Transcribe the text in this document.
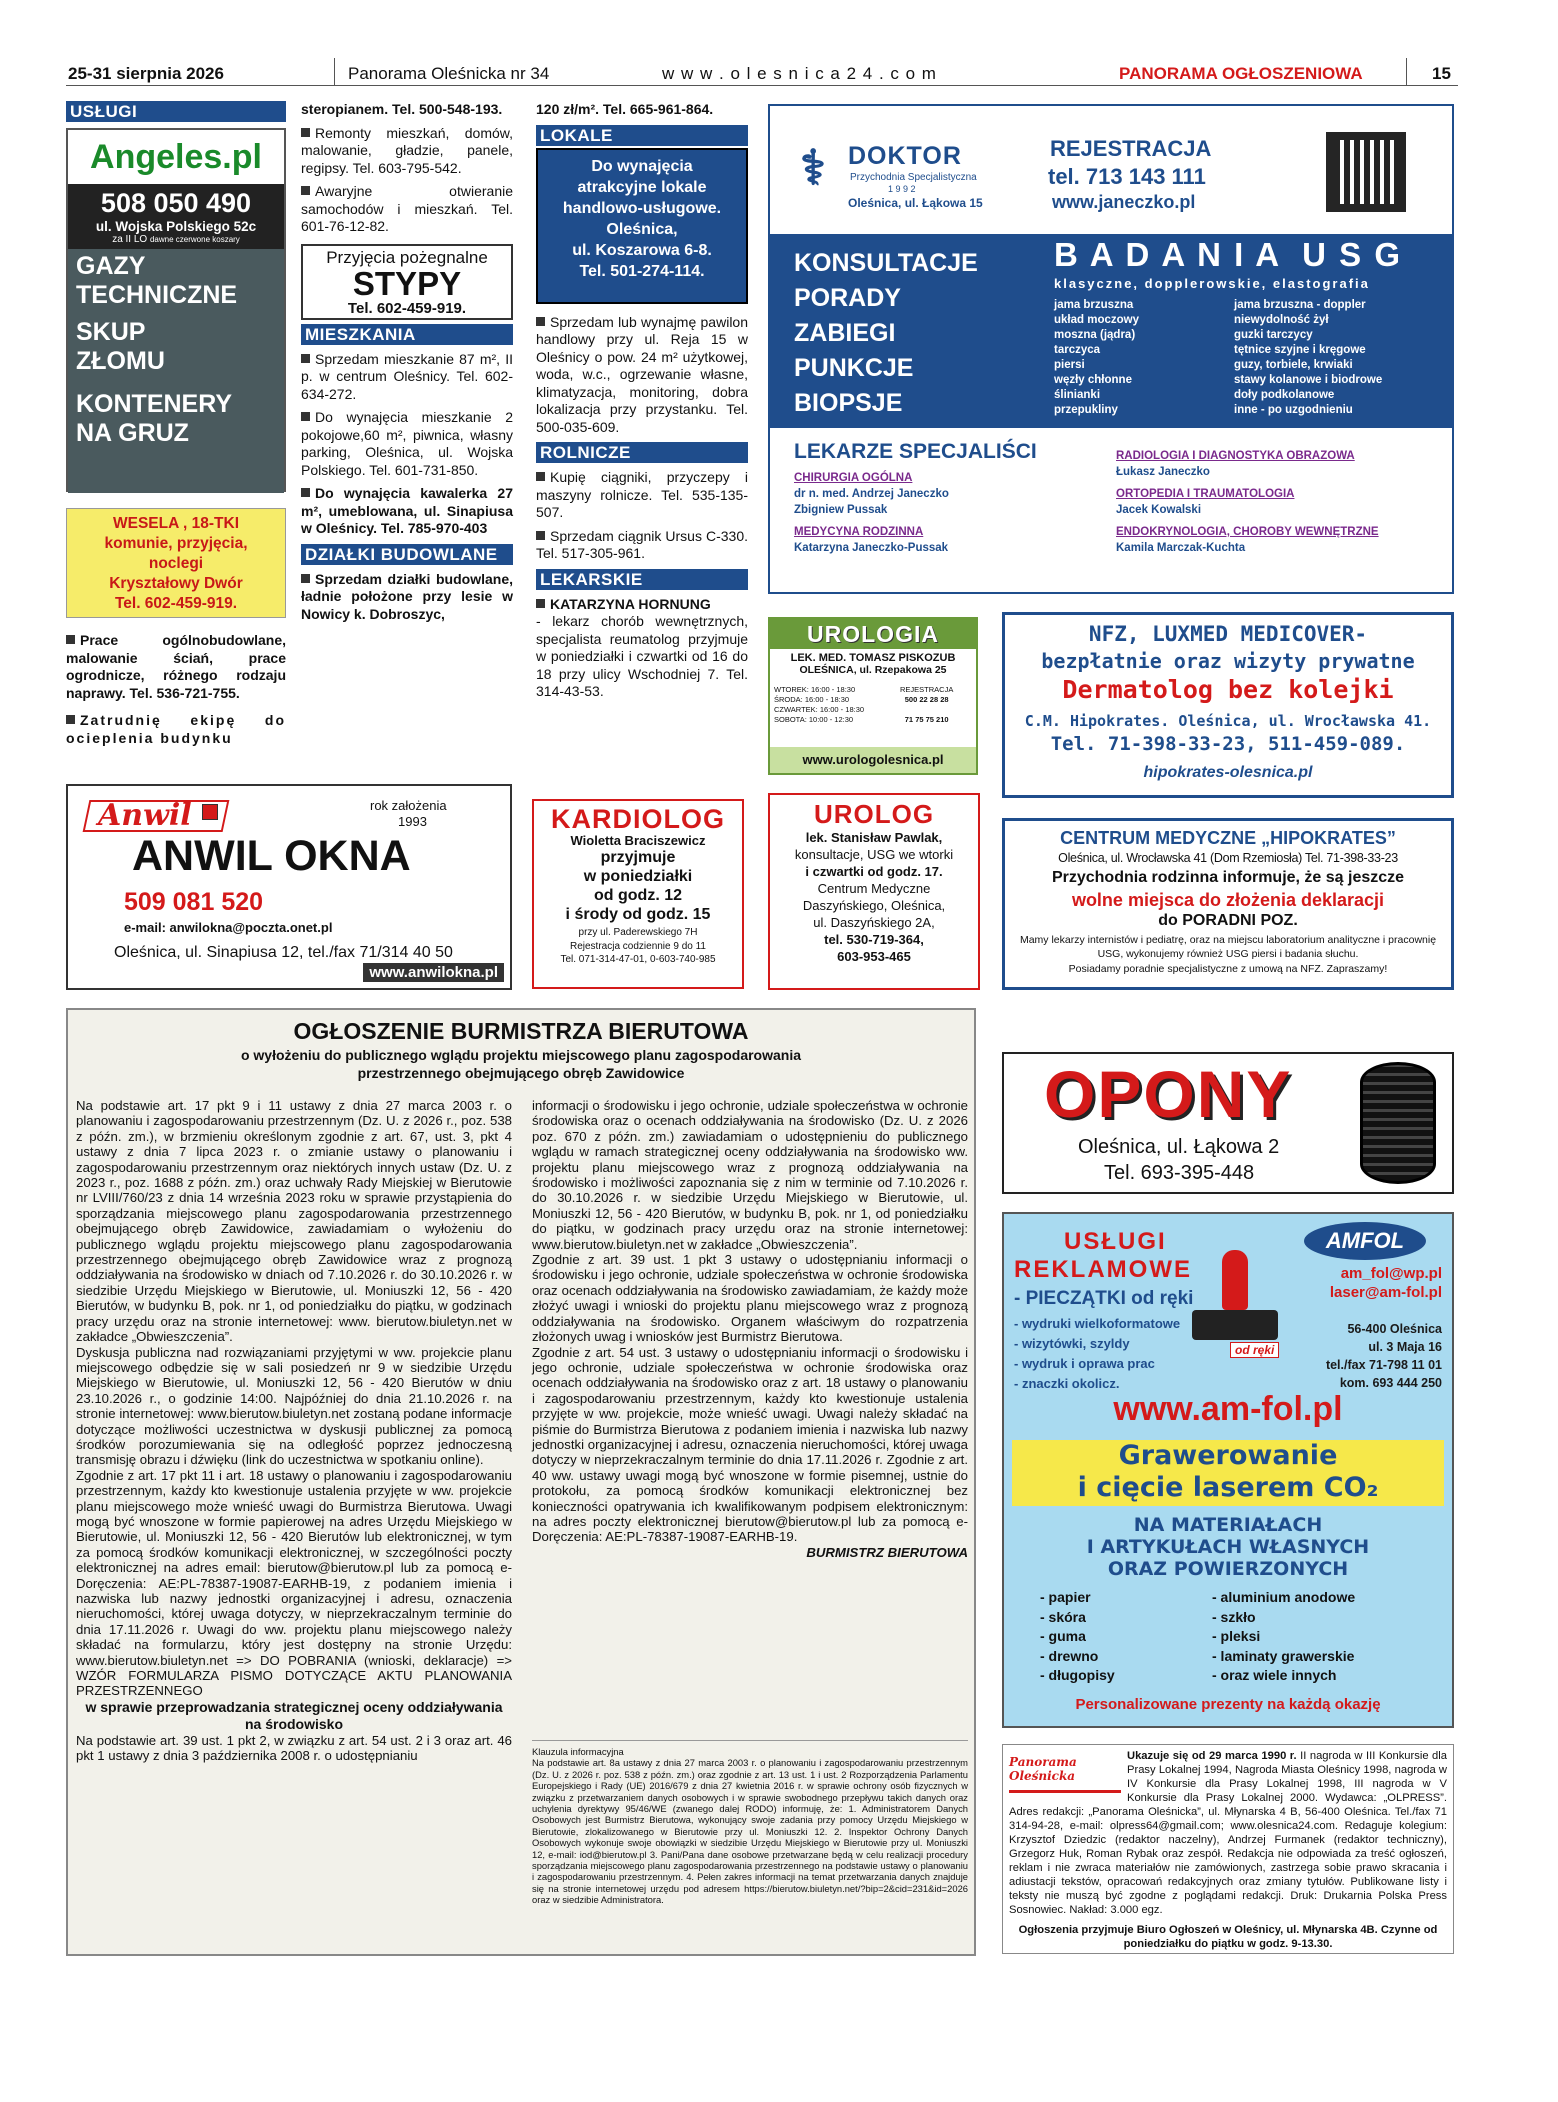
25-31 sierpnia 2026	Panorama Oleśnicka nr 34	w w w . o l e s n i c a 2 4 . c o m	PANORAMA OGŁOSZENIOWA	15
USŁUGI
Angeles.pl
508 050 490
ul. Wojska Polskiego 52c
za II LO dawne czerwone koszary
GAZY
TECHNICZNE
SKUP
ZŁOMU
KONTENERY
NA GRUZ
WESELA , 18-TKI
komunie, przyjęcia,
noclegi
Kryształowy Dwór
Tel. 602-459-919.
Prace ogólnobudowlane, malowanie ściań, prace ogrodnicze, różnego rodzaju naprawy. Tel. 536-721-755.
Zatrudnię ekipę do ocieplenia budynku
steropianem. Tel. 500-548-193.
Remonty mieszkań, domów, malowanie, gładzie, panele, regipsy. Tel. 603-795-542.
Awaryjne otwieranie samochodów i mieszkań. Tel. 601-76-12-82.
Przyjęcia pożegnalne
STYPY
Tel. 602-459-919.
MIESZKANIA
Sprzedam mieszkanie 87 m², II p. w centrum Oleśnicy. Tel. 602-634-272.
Do wynajęcia mieszkanie 2 pokojowe,60 m², piwnica, własny parking, Oleśnica, ul. Wojska Polskiego. Tel. 601-731-850.
Do wynajęcia kawalerka 27 m², umeblowana, ul. Sinapiusa w Oleśnicy. Tel. 785-970-403
DZIAŁKI BUDOWLANE
Sprzedam działki budowlane, ładnie położone przy lesie w Nowicy k. Dobroszyc,
120 zł/m². Tel. 665-961-864.
LOKALE
Do wynajęcia
atrakcyjne lokale
handlowo-usługowe.
Oleśnica,
ul. Koszarowa 6-8.
Tel. 501-274-114.
Sprzedam lub wynajmę pawilon handlowy przy ul. Reja 15 w Oleśnicy o pow. 24 m² użytkowej, woda, w.c., ogrzewanie własne, klimatyzacja, monitoring, dobra lokalizacja przy przystanku. Tel. 500-035-609.
ROLNICZE
Kupię ciągniki, przyczepy i maszyny rolnicze. Tel. 535-135-507.
Sprzedam ciągnik Ursus C-330. Tel. 517-305-961.
LEKARSKIE
KATARZYNA HORNUNG
- lekarz chorób wewnętrznych, specjalista reumatolog przyjmuje w poniedziałki i czwartki od 16 do 18 przy ulicy Wschodniej 7. Tel. 314-43-53.
⚕ DOKTOR
Przychodnia Specjalistyczna
1 9 9 2
Oleśnica, ul. Łąkowa 15
REJESTRACJA
tel. 713 143 111
www.janeczko.pl
KONSULTACJE
PORADY
ZABIEGI
PUNKCJE
BIOPSJE
B A D A N I A  U S G
klasyczne, dopplerowskie, elastografia
jama brzuszna
układ moczowy
moszna (jądra)
tarczyca
piersi
węzły chłonne
ślinianki
przepukliny
jama brzuszna - doppler
niewydolność żył
guzki tarczycy
tętnice szyjne i kręgowe
guzy, torbiele, krwiaki
stawy kolanowe i biodrowe
doły podkolanowe
inne - po uzgodnieniu
LEKARZE SPECJALIŚCI
CHIRURGIA OGÓLNA
dr n. med. Andrzej Janeczko
Zbigniew Pussak
MEDYCYNA RODZINNA
Katarzyna Janeczko-Pussak
RADIOLOGIA I DIAGNOSTYKA OBRAZOWA
Łukasz Janeczko
ORTOPEDIA I TRAUMATOLOGIA
Jacek Kowalski
ENDOKRYNOLOGIA, CHOROBY WEWNĘTRZNE
Kamila Marczak-Kuchta
UROLOGIA
LEK. MED. TOMASZ PISKOZUB
OLEŚNICA, ul. Rzepakowa 25
WTOREK: 16:00 - 18:30
ŚRODA: 16:00 - 18:30
CZWARTEK: 16:00 - 18:30
SOBOTA: 10:00 - 12:30
REJESTRACJA
500 22 28 28
71 75 75 210
www.urologolesnica.pl
NFZ, LUXMED MEDICOVER-
bezpłatnie oraz wizyty prywatne
Dermatolog bez kolejki
C.M. Hipokrates. Oleśnica, ul. Wrocławska 41.
Tel. 71-398-33-23, 511-459-089.
hipokrates-olesnica.pl
Anwil	rok założenia
1993
ANWIL OKNA
509 081 520
e-mail: anwilokna@poczta.onet.pl
Oleśnica, ul. Sinapiusa 12, tel./fax 71/314 40 50
www.anwilokna.pl
KARDIOLOG
Wioletta Braciszewicz
przyjmuje
w poniedziałki
od godz. 12
i środy od godz. 15
przy ul. Paderewskiego 7H
Rejestracja codziennie 9 do 11
Tel. 071-314-47-01, 0-603-740-985
UROLOG
lek. Stanisław Pawlak,
konsultacje, USG we wtorki
i czwartki od godz. 17.
Centrum Medyczne
Daszyńskiego, Oleśnica,
ul. Daszyńskiego 2A,
tel. 530-719-364,
603-953-465
CENTRUM MEDYCZNE „HIPOKRATES”
Oleśnica, ul. Wrocławska 41 (Dom Rzemiosła) Tel. 71-398-33-23
Przychodnia rodzinna informuje, że są jeszcze
wolne miejsca do złożenia deklaracji
do PORADNI POZ.
Mamy lekarzy internistów i pediatrę, oraz na miejscu laboratorium analityczne i pracownię USG, wykonujemy również USG piersi i badania słuchu.
Posiadamy poradnie specjalistyczne z umową na NFZ. Zapraszamy!
OGŁOSZENIE BURMISTRZA BIERUTOWA
o wyłożeniu do publicznego wglądu projektu miejscowego planu zagospodarowania przestrzennego obejmującego obręb Zawidowice

Na podstawie art. 17 pkt 9 i 11 ustawy z dnia 27 marca 2003 r. o planowaniu i zagospodarowaniu przestrzennym (Dz. U. z 2026 r., poz. 538 z późn. zm.), w brzmieniu określonym zgodnie z art. 67, ust. 3, pkt 4 ustawy z dnia 7 lipca 2023 r. o zmianie ustawy o planowaniu i zagospodarowaniu przestrzennym oraz niektórych innych ustaw (Dz. U. z 2023 r., poz. 1688 z późn. zm.) oraz uchwały Rady Miejskiej w Bierutowie nr LVIII/760/23 z dnia 14 września 2023 roku w sprawie przystąpienia do sporządzania miejscowego planu zagospodarowania przestrzennego obejmującego obręb Zawidowice, zawiadamiam o wyłożeniu do publicznego wglądu projektu miejscowego planu zagospodarowania przestrzennego obejmującego obręb Zawidowice wraz z prognozą oddziaływania na środowisko w dniach od 7.10.2026 r. do 30.10.2026 r. w siedzibie Urzędu Miejskiego w Bierutowie, ul. Moniuszki 12, 56 - 420 Bierutów, w budynku B, pok. nr 1, od poniedziałku do piątku, w godzinach pracy urzędu oraz na stronie internetowej: www. bierutow.biuletyn.net w zakładce „Obwieszczenia”.

Dyskusja publiczna nad rozwiązaniami przyjętymi w ww. projekcie planu miejscowego odbędzie się w sali posiedzeń nr 9 w siedzibie Urzędu Miejskiego w Bierutowie, ul. Moniuszki 12, 56 - 420 Bierutów w dniu 23.10.2026 r., o godzinie 14:00. Najpóźniej do dnia 21.10.2026 r. na stronie internetowej: www.bierutow.biuletyn.net zostaną podane informacje dotyczące możliwości uczestnictwa w dyskusji publicznej za pomocą środków porozumiewania się na odległość poprzez jednoczesną transmisję obrazu i dźwięku (link do uczestnictwa w spotkaniu online).

Zgodnie z art. 17 pkt 11 i art. 18 ustawy o planowaniu i zagospodarowaniu przestrzennym, każdy kto kwestionuje ustalenia przyjęte w ww. projekcie planu miejscowego może wnieść uwagi do Burmistrza Bierutowa. Uwagi mogą być wnoszone w formie papierowej na adres Urzędu Miejskiego w Bierutowie, ul. Moniuszki 12, 56 - 420 Bierutów lub elektronicznej, w tym za pomocą środków komunikacji elektronicznej, w szczególności poczty elektronicznej na adres email: bierutow@bierutow.pl lub za pomocą e-Doręczenia: AE:PL-78387-19087-EARHB-19, z podaniem imienia i nazwiska lub nazwy jednostki organizacyjnej i adresu, oznaczenia nieruchomości, której uwaga dotyczy, w nieprzekraczalnym terminie do dnia 17.11.2026 r. Uwagi do ww. projektu planu miejscowego należy składać na formularzu, który jest dostępny na stronie Urzędu: www.bierutow.biuletyn.net => DO POBRANIA (wnioski, deklaracje) => WZÓR FORMULARZA PISMO DOTYCZĄCE AKTU PLANOWANIA PRZESTRZENNEGO

w sprawie przeprowadzania strategicznej oceny oddziaływania na środowisko

Na podstawie art. 39 ust. 1 pkt 2, w związku z art. 54 ust. 2 i 3 oraz art. 46 pkt 1 ustawy z dnia 3 października 2008 r. o udostępnianiu

informacji o środowisku i jego ochronie, udziale społeczeństwa w ochronie środowiska oraz o ocenach oddziaływania na środowisko (Dz. U. z 2026 poz. 670 z późn. zm.) zawiadamiam o udostępnieniu do publicznego wglądu w ramach strategicznej oceny oddziaływania na środowisko ww. projektu planu miejscowego wraz z prognozą oddziaływania na środowisko i możliwości zapoznania się z nim w terminie od 7.10.2026 r. do 30.10.2026 r. w siedzibie Urzędu Miejskiego w Bierutowie, ul. Moniuszki 12, 56 - 420 Bierutów, w budynku B, pok. nr 1, od poniedziałku do piątku, w godzinach pracy urzędu oraz na stronie internetowej: www.bierutow.biuletyn.net w zakładce „Obwieszczenia”.

Zgodnie z art. 39 ust. 1 pkt 3 ustawy o udostępnianiu informacji o środowisku i jego ochronie, udziale społeczeństwa w ochronie środowiska oraz ocenach oddziaływania na środowisko zawiadamiam, że każdy może złożyć uwagi i wnioski do projektu planu miejscowego wraz z prognozą oddziaływania na środowisko. Organem właściwym do rozpatrzenia złożonych uwag i wniosków jest Burmistrz Bierutowa.

Zgodnie z art. 54 ust. 3 ustawy o udostępnianiu informacji o środowisku i jego ochronie, udziale społeczeństwa w ochronie środowiska oraz ocenach oddziaływania na środowisko oraz z art. 18 ustawy o planowaniu i zagospodarowaniu przestrzennym, każdy kto kwestionuje ustalenia przyjęte w ww. projekcie, może wnieść uwagi. Uwagi należy składać na piśmie do Burmistrza Bierutowa z podaniem imienia i nazwiska lub nazwy jednostki organizacyjnej i adresu, oznaczenia nieruchomości, której uwaga dotyczy w nieprzekraczalnym terminie do dnia 17.11.2026 r. Zgodnie z art. 40 ww. ustawy uwagi mogą być wnoszone w formie pisemnej, ustnie do protokołu, za pomocą środków komunikacji elektronicznej bez konieczności opatrywania ich kwalifikowanym podpisem elektronicznym: na adres poczty elektronicznej bierutow@bierutow.pl lub za pomocą e-Doręczenia: AE:PL-78387-19087-EARHB-19.

BURMISTRZ BIERUTOWA

Klauzula informacyjna
Na podstawie art. 8a ustawy z dnia 27 marca 2003 r. o planowaniu i zagospodarowaniu przestrzennym (Dz. U. z 2026 r. poz. 538 z późn. zm.) oraz zgodnie z art. 13 ust. 1 i ust. 2 Rozporządzenia Parlamentu Europejskiego i Rady (UE) 2016/679 z dnia 27 kwietnia 2016 r. w sprawie ochrony osób fizycznych w związku z przetwarzaniem danych osobowych i w sprawie swobodnego przepływu takich danych oraz uchylenia dyrektywy 95/46/WE (zwanego dalej RODO) informuję, że: 1. Administratorem Danych Osobowych jest Burmistrz Bierutowa, wykonujący swoje zadania przy pomocy Urzędu Miejskiego w Bierutowie, zlokalizowanego w Bierutowie przy ul. Moniuszki 12. 2. Inspektor Ochrony Danych Osobowych wykonuje swoje obowiązki w siedzibie Urzędu Miejskiego w Bierutowie przy ul. Moniuszki 12, e-mail: iod@bierutow.pl 3. Pani/Pana dane osobowe przetwarzane będą w celu realizacji procedury sporządzania miejscowego planu zagospodarowania przestrzennego na podstawie ustawy o planowaniu i zagospodarowaniu przestrzennym. 4. Pełen zakres informacji na temat przetwarzania danych znajduje się na stronie internetowej urzędu pod adresem https://bierutow.biuletyn.net/?bip=2&cid=231&id=2026 oraz w siedzibie Administratora.
OPONY
Oleśnica, ul. Łąkowa 2
Tel. 693-395-448
USŁUGI
REKLAMOWE
- PIECZĄTKI od ręki
- wydruki wielkoformatowe
- wizytówki, szyldy
- wydruk i oprawa prac
- znaczki okolicz.
AMFOL
am_fol@wp.pl
laser@am-fol.pl
56-400 Oleśnica
ul. 3 Maja 16
tel./fax 71-798 11 01
kom. 693 444 250
od ręki
www.am-fol.pl
Grawerowanie
i cięcie laserem CO₂
NA MATERIAŁACH
I ARTYKUŁACH WŁASNYCH
ORAZ POWIERZONYCH
- papier
- skóra
- guma
- drewno
- długopisy
- aluminium anodowe
- szkło
- pleksi
- laminaty grawerskie
- oraz wiele innych
Personalizowane prezenty na każdą okazję
Panorama Oleśnicka
Ukazuje się od 29 marca 1990 r. II nagroda w III Konkursie dla Prasy Lokalnej 1994, Nagroda Miasta Oleśnicy 1998, nagroda w IV Konkursie dla Prasy Lokalnej 1998, III nagroda w V Konkursie dla Prasy Lokalnej 2000. Wydawca: „OLPRESS”. Adres redakcji: „Panorama Oleśnicka”, ul. Młynarska 4 B, 56-400 Oleśnica. Tel./fax 71 314-94-28, e-mail: olpress64@gmail.com; www.olesnica24.com. Redaguje kolegium: Krzysztof Dziedzic (redaktor naczelny), Andrzej Furmanek (redaktor techniczny), Grzegorz Huk, Roman Rybak oraz zespół. Redakcja nie odpowiada za treść ogłoszeń, reklam i nie zwraca materiałów nie zamówionych, zastrzega sobie prawo skracania i adiustacji tekstów, opracowań redakcyjnych oraz zmiany tytułów. Publikowane listy i teksty nie muszą być zgodne z poglądami redakcji. Druk: Drukarnia Polska Press Sosnowiec. Nakład: 3.000 egz.
Ogłoszenia przyjmuje Biuro Ogłoszeń w Oleśnicy, ul. Młynarska 4B. Czynne od poniedziałku do piątku w godz. 9-13.30.
